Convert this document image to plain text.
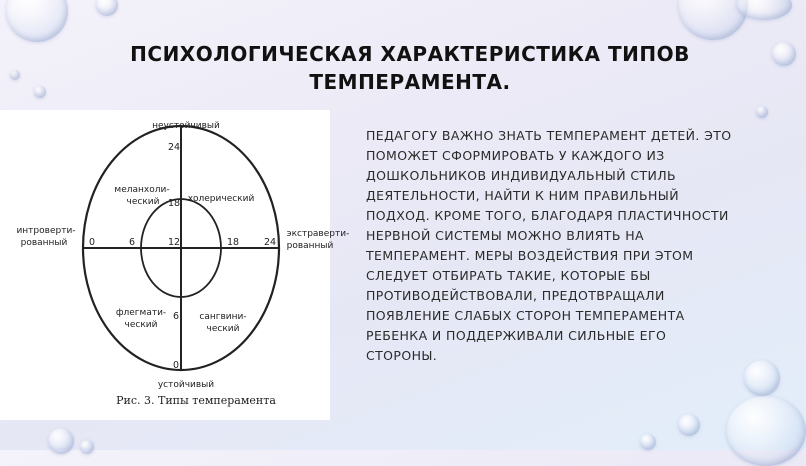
ПСИХОЛОГИЧЕСКАЯ ХАРАКТЕРИСТИКА ТИПОВ
ТЕМПЕРАМЕНТА.
неустойчивый
устойчивый
интроверти-
рованный
экстраверти-
рованный
меланхоли-
ческий	холерический
флегмати-
ческий
сангвини-
ческий
24
18
0	6	12	18	24
6
0
Рис. 3. Типы темперамента
ПЕДАГОГУ ВАЖНО ЗНАТЬ ТЕМПЕРАМЕНТ ДЕТЕЙ. ЭТО ПОМОЖЕТ СФОРМИРОВАТЬ У КАЖДОГО ИЗ ДОШКОЛЬНИКОВ ИНДИВИДУАЛЬНЫЙ СТИЛЬ ДЕЯТЕЛЬНОСТИ, НАЙТИ К НИМ ПРАВИЛЬНЫЙ ПОДХОД. КРОМЕ ТОГО, БЛАГОДАРЯ ПЛАСТИЧНОСТИ НЕРВНОЙ СИСТЕМЫ МОЖНО ВЛИЯТЬ НА ТЕМПЕРАМЕНТ. МЕРЫ ВОЗДЕЙСТВИЯ ПРИ ЭТОМ СЛЕДУЕТ ОТБИРАТЬ ТАКИЕ, КОТОРЫЕ БЫ ПРОТИВОДЕЙСТВОВАЛИ, ПРЕДОТВРАЩАЛИ ПОЯВЛЕНИЕ СЛАБЫХ СТОРОН ТЕМПЕРАМЕНТА РЕБЕНКА И ПОДДЕРЖИВАЛИ СИЛЬНЫЕ ЕГО СТОРОНЫ.
